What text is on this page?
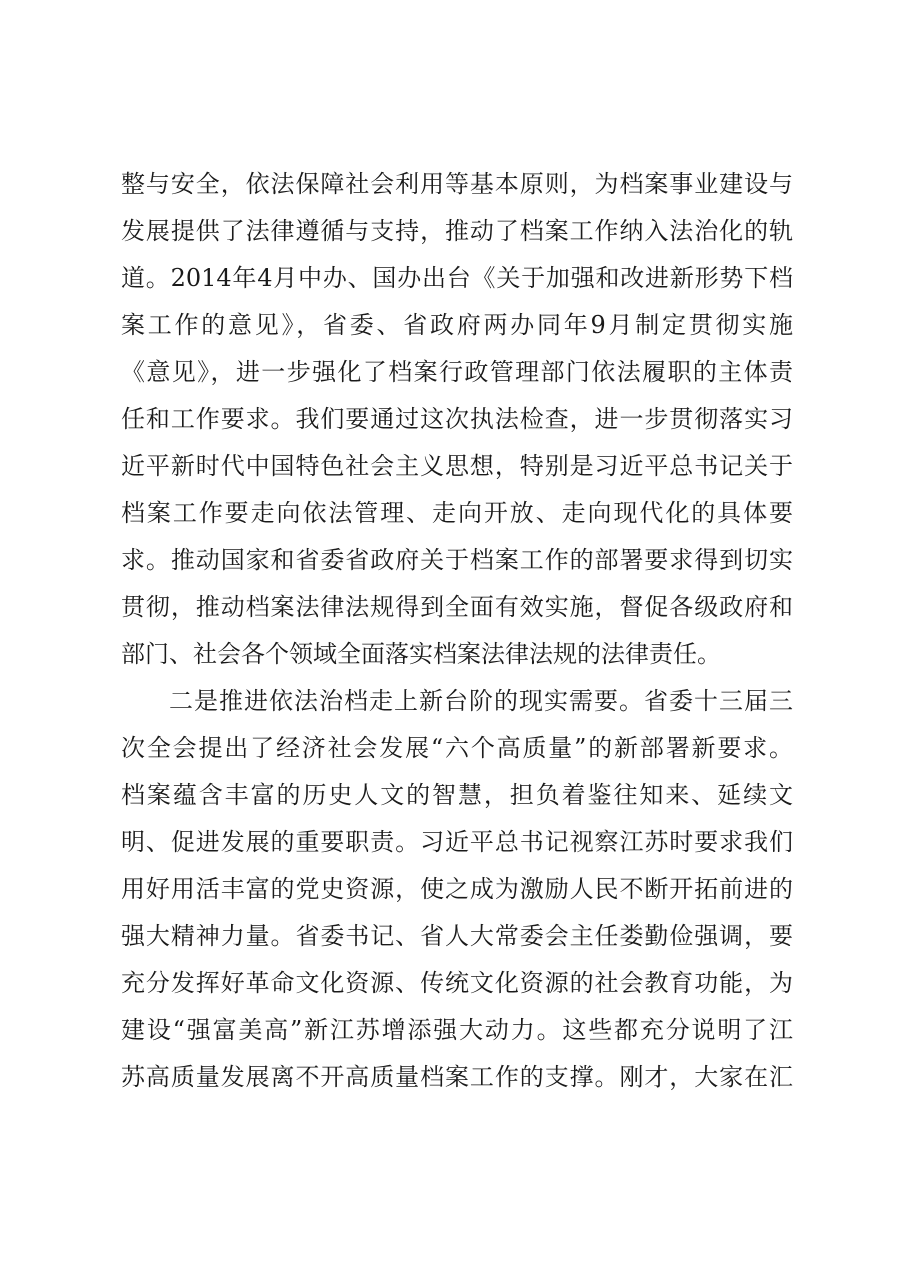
整与安全，依法保障社会利用等基本原则，为档案事业建设与
发展提供了法律遵循与支持，推动了档案工作纳入法治化的轨
道。2014年4月中办、国办出台《关于加强和改进新形势下档
案工作的意见》，省委、省政府两办同年9月制定贯彻实施
《意见》，进一步强化了档案行政管理部门依法履职的主体责
任和工作要求。我们要通过这次执法检查，进一步贯彻落实习
近平新时代中国特色社会主义思想，特别是习近平总书记关于
档案工作要走向依法管理、走向开放、走向现代化的具体要
求。推动国家和省委省政府关于档案工作的部署要求得到切实
贯彻，推动档案法律法规得到全面有效实施，督促各级政府和
部门、社会各个领域全面落实档案法律法规的法律责任。
二是推进依法治档走上新台阶的现实需要。省委十三届三
次全会提出了经济社会发展“六个高质量”的新部署新要求。
档案蕴含丰富的历史人文的智慧，担负着鉴往知来、延续文
明、促进发展的重要职责。习近平总书记视察江苏时要求我们
用好用活丰富的党史资源，使之成为激励人民不断开拓前进的
强大精神力量。省委书记、省人大常委会主任娄勤俭强调，要
充分发挥好革命文化资源、传统文化资源的社会教育功能，为
建设“强富美高”新江苏增添强大动力。这些都充分说明了江
苏高质量发展离不开高质量档案工作的支撑。刚才，大家在汇
